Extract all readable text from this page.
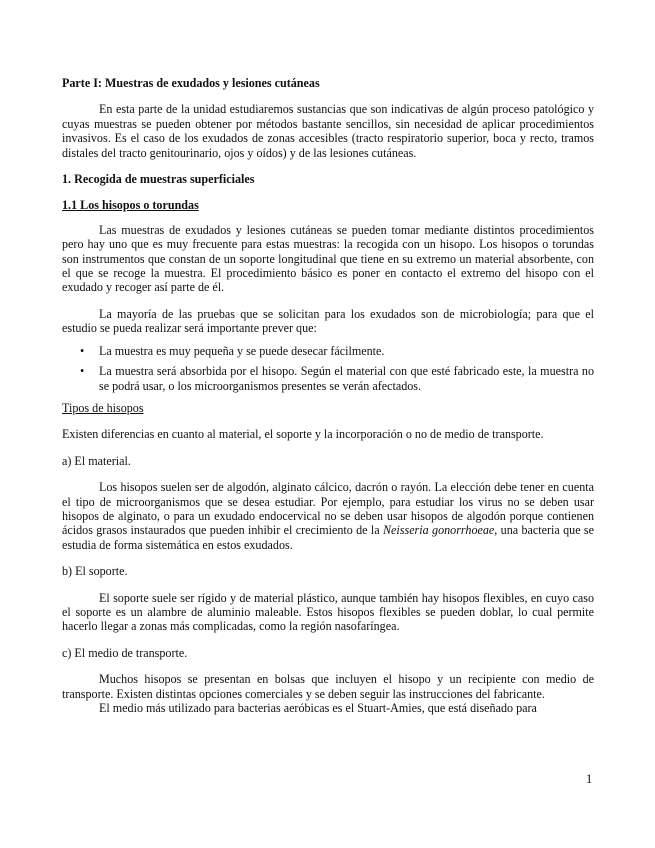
Parte I: Muestras de exudados y lesiones cutáneas

En esta parte de la unidad estudiaremos sustancias que son indicativas de algún proceso patológico y cuyas muestras se pueden obtener por métodos bastante sencillos, sin necesidad de aplicar procedimientos invasivos. Es el caso de los exudados de zonas accesibles (tracto respiratorio superior, boca y recto, tramos distales del tracto genitourinario, ojos y oídos) y de las lesiones cutáneas.

1. Recogida de muestras superficiales

1.1 Los hisopos o torundas

Las muestras de exudados y lesiones cutáneas se pueden tomar mediante distintos procedimientos pero hay uno que es muy frecuente para estas muestras: la recogida con un hisopo. Los hisopos o torundas son instrumentos que constan de un soporte longitudinal que tiene en su extremo un material absorbente, con el que se recoge la muestra. El procedimiento básico es poner en contacto el extremo del hisopo con el exudado y recoger así parte de él.

La mayoría de las pruebas que se solicitan para los exudados son de microbiología; para que el estudio se pueda realizar será importante prever que:

• La muestra es muy pequeña y se puede desecar fácilmente.
• La muestra será absorbida por el hisopo. Según el material con que esté fabricado este, la muestra no se podrá usar, o los microorganismos presentes se verán afectados.

Tipos de hisopos

Existen diferencias en cuanto al material, el soporte y la incorporación o no de medio de transporte.

a) El material.

Los hisopos suelen ser de algodón, alginato cálcico, dacrón o rayón. La elección debe tener en cuenta el tipo de microorganismos que se desea estudiar. Por ejemplo, para estudiar los virus no se deben usar hisopos de alginato, o para un exudado endocervical no se deben usar hisopos de algodón porque contienen ácidos grasos instaurados que pueden inhibir el crecimiento de la Neisseria gonorrhoeae, una bacteria que se estudia de forma sistemática en estos exudados.

b) El soporte.

El soporte suele ser rígido y de material plástico, aunque también hay hisopos flexibles, en cuyo caso el soporte es un alambre de aluminio maleable. Estos hisopos flexibles se pueden doblar, lo cual permite hacerlo llegar a zonas más complicadas, como la región nasofaríngea.

c) El medio de transporte.

Muchos hisopos se presentan en bolsas que incluyen el hisopo y un recipiente con medio de transporte. Existen distintas opciones comerciales y se deben seguir las instrucciones del fabricante.

El medio más utilizado para bacterias aeróbicas es el Stuart-Amies, que está diseñado para

1
